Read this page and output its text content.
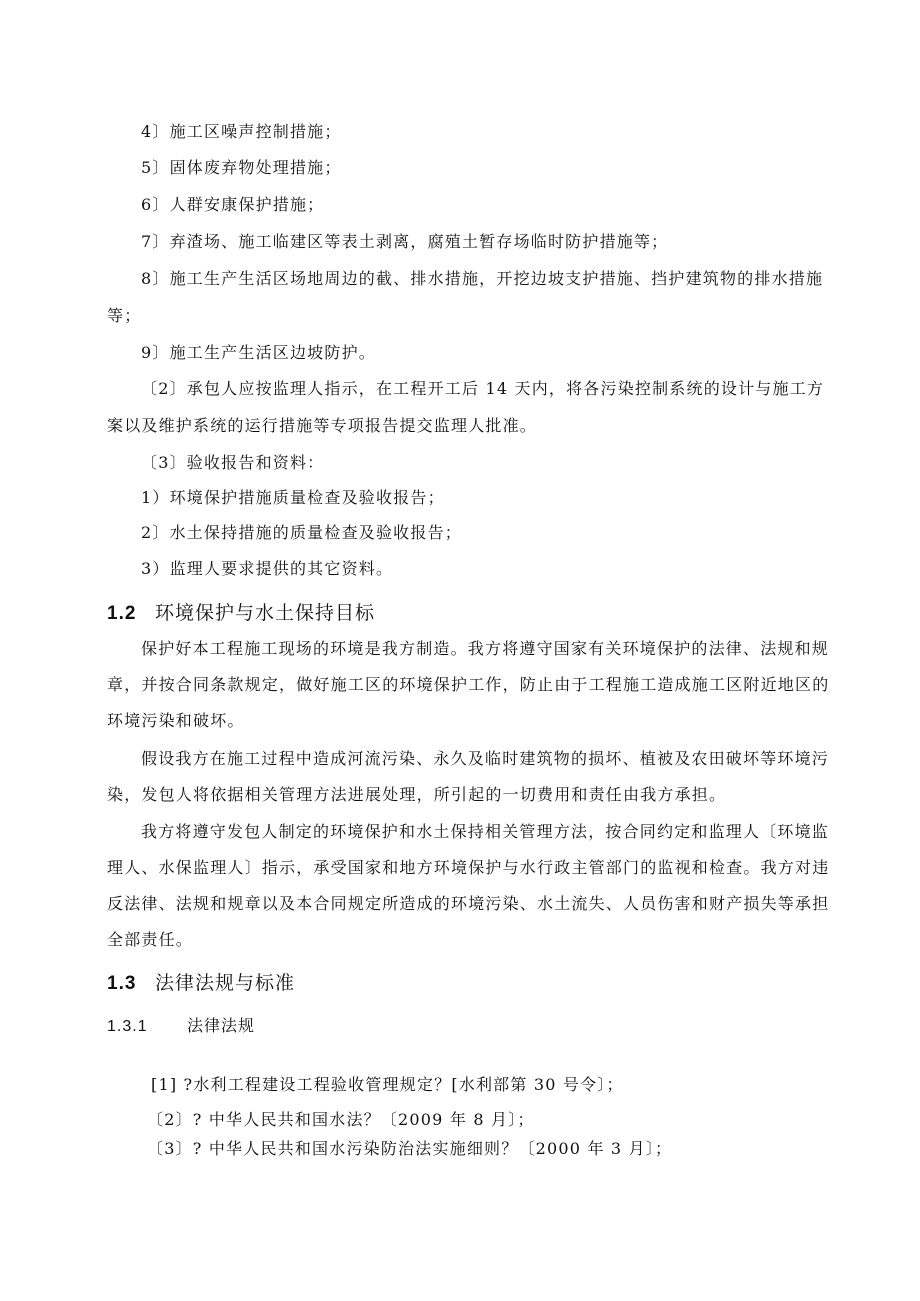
4〕施工区噪声控制措施；
5〕固体废弃物处理措施；
6〕人群安康保护措施；
7〕弃渣场、施工临建区等表土剥离，腐殖土暂存场临时防护措施等；
8〕施工生产生活区场地周边的截、排水措施，开挖边坡支护措施、挡护建筑物的排水措施
等；
9〕施工生产生活区边坡防护。
〔2〕承包人应按监理人指示，在工程开工后 14 天内，将各污染控制系统的设计与施工方
案以及维护系统的运行措施等专项报告提交监理人批准。
〔3〕验收报告和资料：
1）环境保护措施质量检查及验收报告；
2〕水土保持措施的质量检查及验收报告；
3）监理人要求提供的其它资料。
1.2 环境保护与水土保持目标
保护好本工程施工现场的环境是我方制造。我方将遵守国家有关环境保护的法律、法规和规
章，并按合同条款规定，做好施工区的环境保护工作，防止由于工程施工造成施工区附近地区的
环境污染和破坏。
假设我方在施工过程中造成河流污染、永久及临时建筑物的损坏、植被及农田破坏等环境污
染，发包人将依据相关管理方法进展处理，所引起的一切费用和责任由我方承担。
我方将遵守发包人制定的环境保护和水土保持相关管理方法，按合同约定和监理人〔环境监
理人、水保监理人〕指示，承受国家和地方环境保护与水行政主管部门的监视和检查。我方对违
反法律、法规和规章以及本合同规定所造成的环境污染、水土流失、人员伤害和财产损失等承担
全部责任。
1.3 法律法规与标准
1.3.1 法律法规
[1] ?水利工程建设工程验收管理规定？[水利部第 30 号令〕；
〔2〕? 中华人民共和国水法？〔2009 年 8 月〕；
〔3〕? 中华人民共和国水污染防治法实施细则？〔2000 年 3 月〕；
